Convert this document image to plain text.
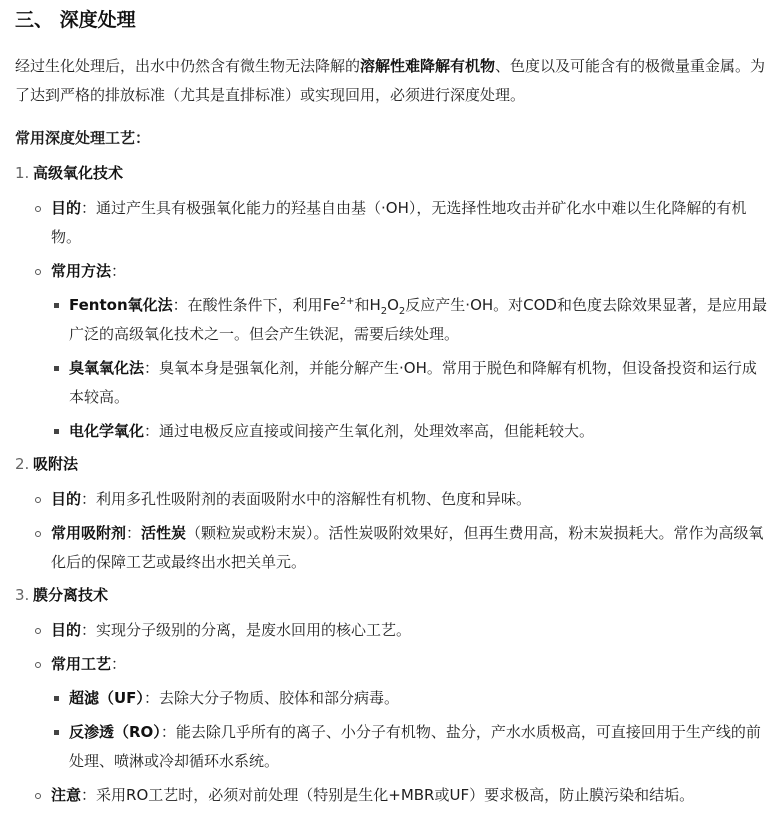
三、 深度处理

经过生化处理后，出水中仍然含有微生物无法降解的溶解性难降解有机物、色度以及可能含有的极微量重金属。为了达到严格的排放标准（尤其是直排标准）或实现回用，必须进行深度处理。

常用深度处理工艺：

1. 高级氧化技术
目的：通过产生具有极强氧化能力的羟基自由基（·OH），无选择性地攻击并矿化水中难以生化降解的有机物。
常用方法：
Fenton氧化法：在酸性条件下，利用$Fe^{2+}$和$H_2O_2$反应产生·OH。对COD和色度去除效果显著，是应用最广泛的高级氧化技术之一。但会产生铁泥，需要后续处理。
臭氧氧化法：臭氧本身是强氧化剂，并能分解产生·OH。常用于脱色和降解有机物，但设备投资和运行成本较高。
电化学氧化：通过电极反应直接或间接产生氧化剂，处理效率高，但能耗较大。
2. 吸附法
目的：利用多孔性吸附剂的表面吸附水中的溶解性有机物、色度和异味。
常用吸附剂：活性炭（颗粒炭或粉末炭）。活性炭吸附效果好，但再生费用高，粉末炭损耗大。常作为高级氧化后的保障工艺或最终出水把关单元。
3. 膜分离技术
目的：实现分子级别的分离，是废水回用的核心工艺。
常用工艺：
超滤（UF）：去除大分子物质、胶体和部分病毒。
反渗透（RO）：能去除几乎所有的离子、小分子有机物、盐分，产水水质极高，可直接回用于生产线的前处理、喷淋或冷却循环水系统。
注意：采用RO工艺时，必须对前处理（特别是生化+MBR或UF）要求极高，防止膜污染和结垢。
